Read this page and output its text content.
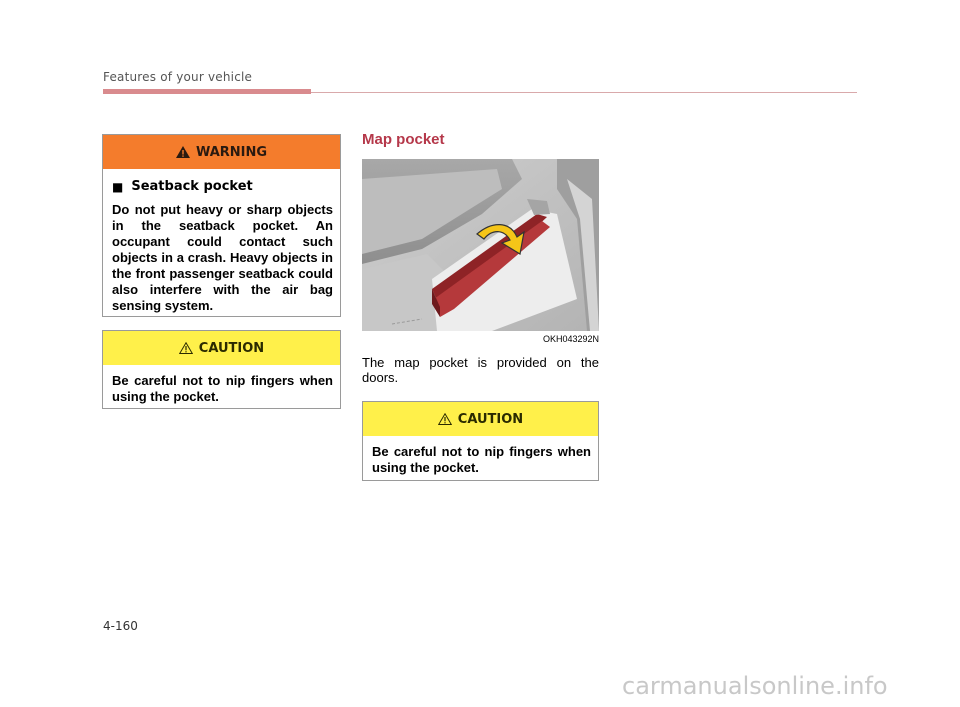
Features of your vehicle
WARNING
■ Seatback pocket

Do not put heavy or sharp objects in the seatback pocket. An occupant could contact such objects in a crash. Heavy objects in the front passenger seatback could also interfere with the air bag sensing system.

CAUTION

Be careful not to nip fingers when using the pocket.

Map pocket
OKH043292N

The map pocket is provided on the doors.

CAUTION

Be careful not to nip fingers when using the pocket.

4-160
carmanualsonline.info
